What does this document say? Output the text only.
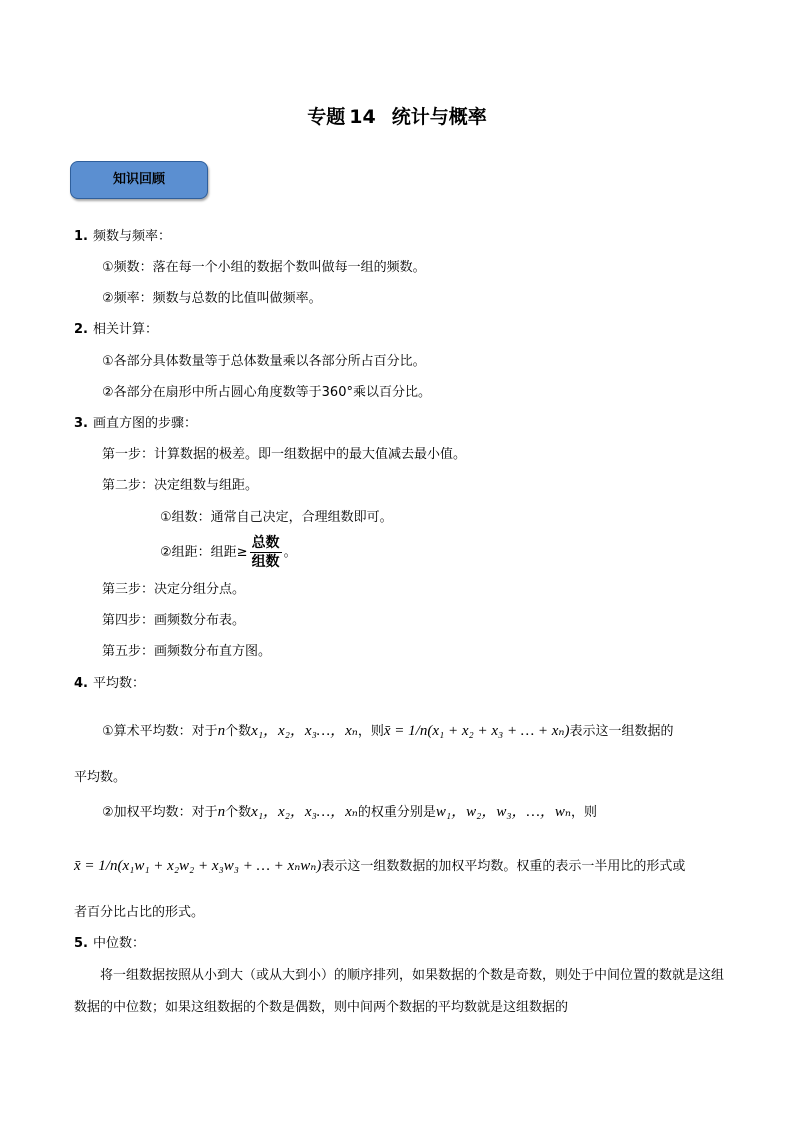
专题 14 统计与概率
知识回顾
1. 频数与频率：
①频数：落在每一个小组的数据个数叫做每一组的频数。
②频率：频数与总数的比值叫做频率。
2. 相关计算：
①各部分具体数量等于总体数量乘以各部分所占百分比。
②各部分在扇形中所占圆心角度数等于360°乘以百分比。
3. 画直方图的步骤：
第一步：计算数据的极差。即一组数据中的最大值减去最小值。
第二步：决定组数与组距。
①组数：通常自己决定，合理组数即可。
②组距：组距≥ $\frac{\text{总数}}{\text{组数}}$ 。
第三步：决定分组分点。
第四步：画频数分布表。
第五步：画频数分布直方图。
4. 平均数：
①算术平均数：对于n个数x₁，x₂，x₃…，xₙ，则x̄ = 1/n(x₁ + x₂ + x₃ + … + xₙ)表示这一组数据的
平均数。
②加权平均数：对于n个数x₁，x₂，x₃…，xₙ的权重分别是w₁，w₂，w₃，…，wₙ，则
x̄ = 1/n(x₁w₁ + x₂w₂ + x₃w₃ + … + xₙwₙ)表示这一组数数据的加权平均数。权重的表示一半用比的形式或
者百分比占比的形式。
5. 中位数：
将一组数据按照从小到大（或从大到小）的顺序排列，如果数据的个数是奇数，则处于中间位置的数就是这组数据的中位数；如果这组数据的个数是偶数，则中间两个数据的平均数就是这组数据的
